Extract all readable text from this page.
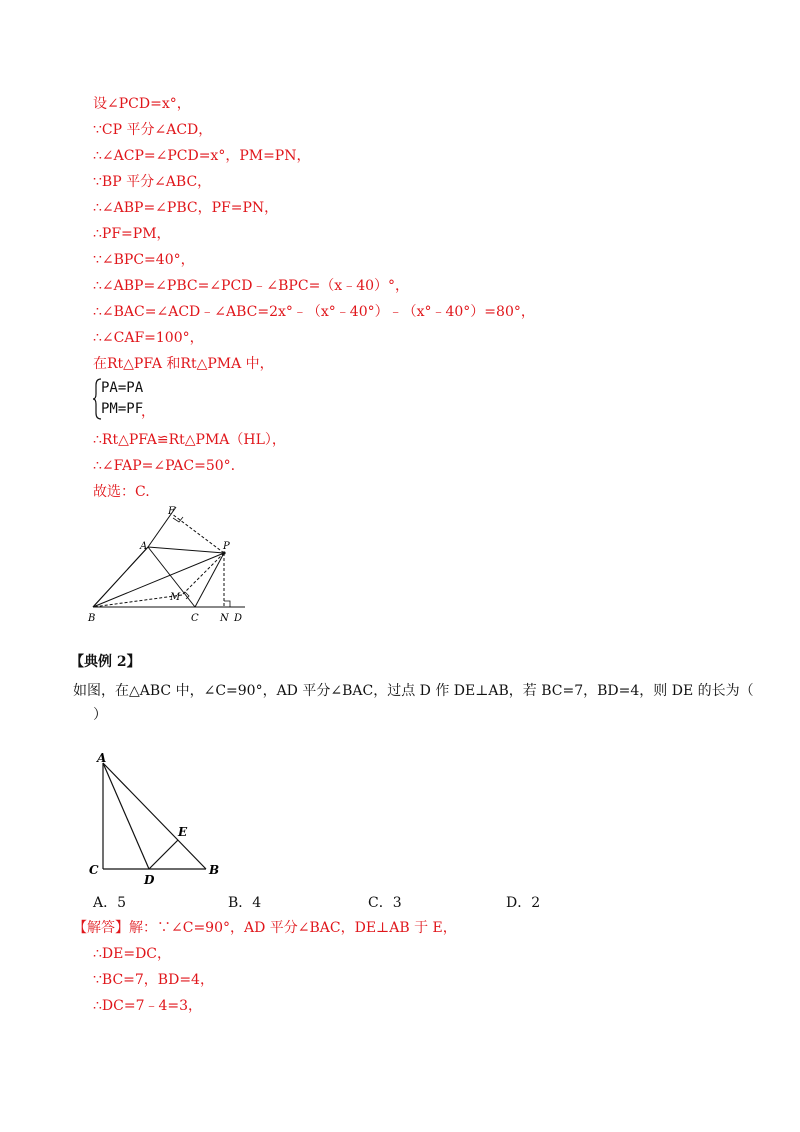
设∠PCD=x°，
∵CP 平分∠ACD，
∴∠ACP=∠PCD=x°，PM=PN，
∵BP 平分∠ABC，
∴∠ABP=∠PBC，PF=PN，
∴PF=PM，
∵∠BPC=40°，
∴∠ABP=∠PBC=∠PCD﹣∠BPC=（x﹣40）°，
∴∠BAC=∠ACD﹣∠ABC=2x°﹣（x°﹣40°）﹣（x°﹣40°）=80°，
∴∠CAF=100°，
在Rt△PFA 和Rt△PMA 中，
PA=PA
PM=PF
，
∴Rt△PFA≌Rt△PMA（HL），
∴∠FAP=∠PAC=50°.
故选：C.
F
A	P
M
B	C N D
【典例 2】
如图，在△ABC 中，∠C=90°，AD 平分∠BAC，过点 D 作 DE⊥AB，若 BC=7，BD=4，则 DE 的长为（
）
A
C
D
E
B
A．5	B．4	C．3	D．2
【解答】解：∵∠C=90°，AD 平分∠BAC，DE⊥AB 于 E，
∴DE=DC，
∵BC=7，BD=4，
∴DC=7﹣4=3，
